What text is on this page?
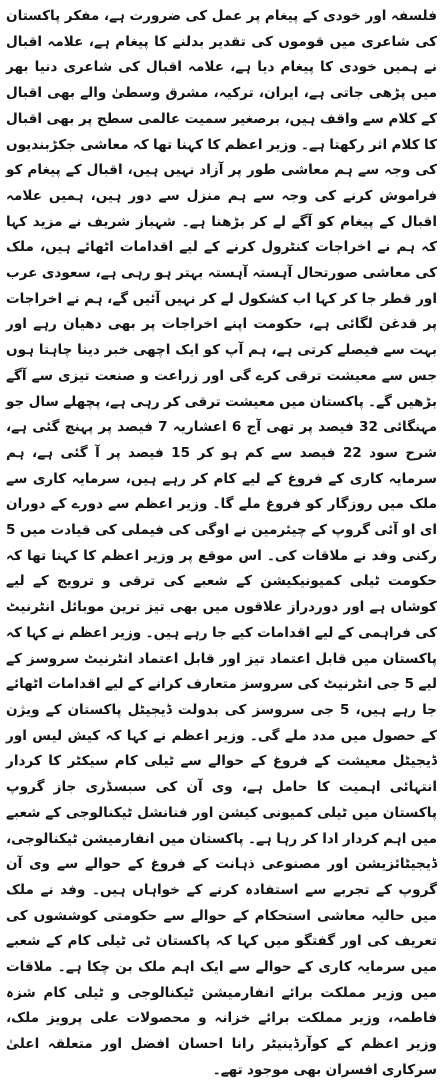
فلسفہ اور خودی کے پیغام پر عمل کی ضرورت ہے، مفکر پاکستان کی شاعری میں قوموں کی تقدیر بدلنے کا پیغام ہے، علامہ اقبال نے ہمیں خودی کا پیغام دیا ہے، علامہ اقبال کی شاعری دنیا بھر میں پڑھی جاتی ہے، ایران، ترکیہ، مشرق وسطیٰ والے بھی اقبال کے کلام سے واقف ہیں، برصغیر سمیت عالمی سطح پر بھی اقبال کا کلام اثر رکھتا ہے۔ وزیر اعظم کا کہنا تھا کہ معاشی جکڑبندیوں کی وجہ سے ہم معاشی طور پر آزاد نہیں ہیں، اقبال کے پیغام کو فراموش کرنے کی وجہ سے ہم منزل سے دور ہیں، ہمیں علامہ اقبال کے پیغام کو آگے لے کر بڑھنا ہے۔ شہباز شریف نے مزید کہا کہ ہم نے اخراجات کنٹرول کرنے کے لیے اقدامات اٹھائے ہیں، ملک کی معاشی صورتحال آہستہ آہستہ بہتر ہو رہی ہے، سعودی عرب اور قطر جا کر کہا اب کشکول لے کر نہیں آئیں گے، ہم نے اخراجات پر قدغن لگائی ہے، حکومت اپنے اخراجات پر بھی دھیان رہے اور بہت سے فیصلے کرتی ہے، ہم آپ کو ایک اچھی خبر دینا چاہتا ہوں جس سے معیشت ترقی کرے گی اور زراعت و صنعت تیزی سے آگے بڑھیں گے۔ پاکستان میں معیشت ترقی کر رہی ہے، پچھلے سال جو مہنگائی 32 فیصد پر تھی آج 6 اعشاریہ 7 فیصد پر پہنچ گئی ہے، شرح سود 22 فیصد سے کم ہو کر 15 فیصد پر آ گئی ہے، ہم سرمایہ کاری کے فروغ کے لیے کام کر رہے ہیں، سرمایہ کاری سے ملک میں روزگار کو فروغ ملے گا۔ وزیر اعظم سے دورے کے دوران ای او آئی گروپ کے چیئرمین نے اوگی کی فیملی کی قیادت میں 5 رکنی وفد نے ملاقات کی۔ اس موقع پر وزیر اعظم کا کہنا تھا کہ حکومت ٹیلی کمیونیکیشن کے شعبے کی ترقی و ترویج کے لیے کوشاں ہے اور دوردراز علاقوں میں بھی تیز ترین موبائل انٹرنیٹ کی فراہمی کے لیے اقدامات کیے جا رہے ہیں۔ وزیر اعظم نے کہا کہ پاکستان میں قابل اعتماد تیز اور قابل اعتماد انٹرنیٹ سروسز کے لیے 5 جی انٹرنیٹ کی سروسز متعارف کرانے کے لیے اقدامات اٹھائے جا رہے ہیں، 5 جی سروسز کی بدولت ڈیجیٹل پاکستان کے ویژن کے حصول میں مدد ملے گی۔ وزیر اعظم نے کہا کہ کیش لیس اور ڈیجیٹل معیشت کے فروغ کے حوالے سے ٹیلی کام سیکٹر کا کردار انتہائی اہمیت کا حامل ہے، وی آن کی سبسڈری جاز گروپ پاکستان میں ٹیلی کمیونی کیشن اور فنانشل ٹیکنالوجی کے شعبے میں اہم کردار ادا کر رہا ہے۔ پاکستان میں انفارمیشن ٹیکنالوجی، ڈیجیٹائزیشن اور مصنوعی ذہانت کے فروغ کے حوالے سے وی آن گروپ کے تجربے سے استفادہ کرنے کے خواہاں ہیں۔ وفد نے ملک میں حالیہ معاشی استحکام کے حوالے سے حکومتی کوششوں کی تعریف کی اور گفتگو میں کہا کہ پاکستان ٹی ٹیلی کام کے شعبے میں سرمایہ کاری کے حوالے سے ایک اہم ملک بن چکا ہے۔ ملاقات میں وزیر مملکت برائے انفارمیشن ٹیکنالوجی و ٹیلی کام شزہ فاطمہ، وزیر مملکت برائے خزانہ و محصولات علی پرویز ملک، وزیر اعظم کے کوآرڈینیٹر رانا احسان افضل اور متعلقہ اعلیٰ سرکاری افسران بھی موجود تھے۔
